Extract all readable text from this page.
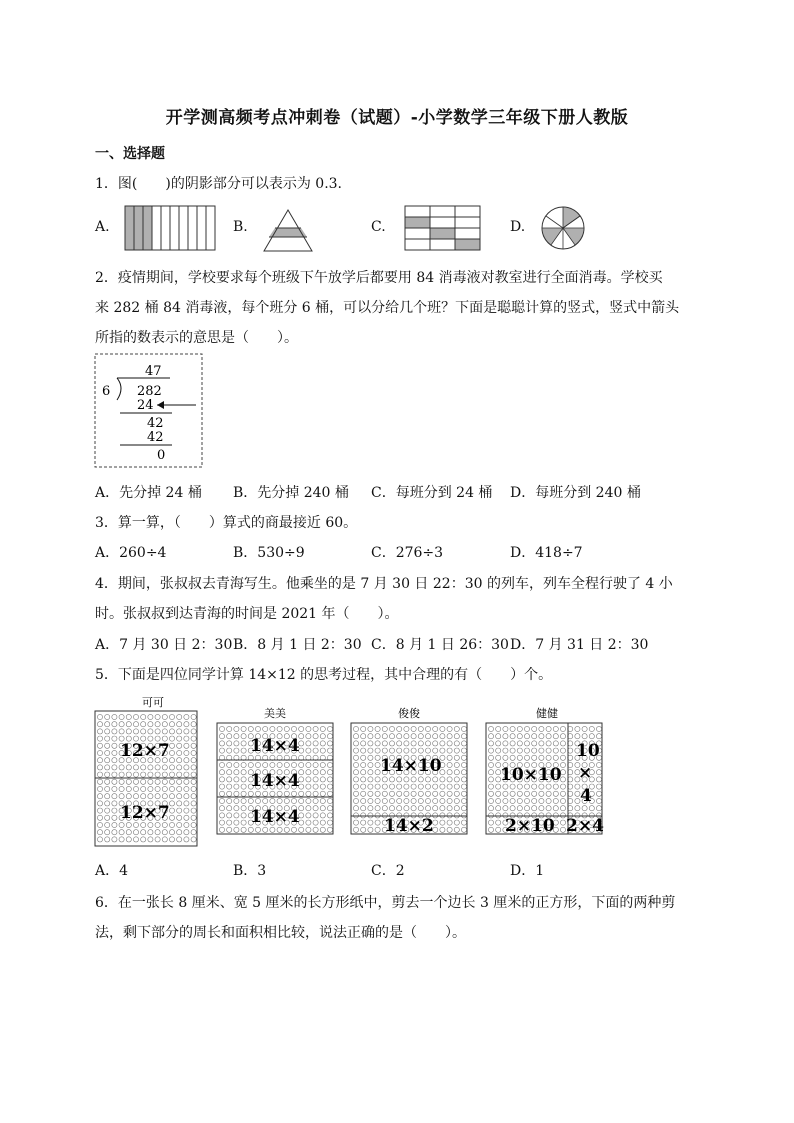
开学测高频考点冲刺卷（试题）-小学数学三年级下册人教版
一、选择题
1．图(　　)的阴影部分可以表示为 0.3.
A.	B.	C.	D.
47
6 282
24
42
42
0
可可
12×7
12×7
美美
14×4
14×4
14×4
俊俊
14×10
14×2
健健
10×10
10
×
4
2×10 2×4
2．疫情期间，学校要求每个班级下午放学后都要用 84 消毒液对教室进行全面消毒。学校买
来 282 桶 84 消毒液，每个班分 6 桶，可以分给几个班？下面是聪聪计算的竖式，竖式中箭头
所指的数表示的意思是（　　）。
A．先分掉 24 桶 B．先分掉 240 桶 C．每班分到 24 桶 D．每班分到 240 桶
3．算一算，（　　）算式的商最接近 60。
A．260÷4	B．530÷9	C．276÷3	D．418÷7
4．期间，张叔叔去青海写生。他乘坐的是 7 月 30 日 22：30 的列车，列车全程行驶了 4 小
时。张叔叔到达青海的时间是 2021 年（　　）。
A．7 月 30 日 2：30 B．8 月 1 日 2：30 C．8 月 1 日 26：30 D．7 月 31 日 2：30
5．下面是四位同学计算 14×12 的思考过程，其中合理的有（　　）个。
A．4	B．3	C．2	D．1
6．在一张长 8 厘米、宽 5 厘米的长方形纸中，剪去一个边长 3 厘米的正方形，下面的两种剪
法，剩下部分的周长和面积相比较，说法正确的是（　　）。
